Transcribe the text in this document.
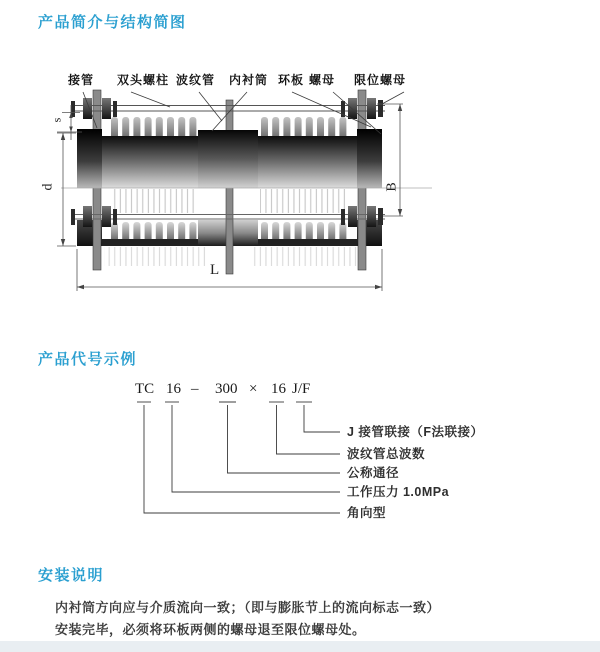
产品简介与结构简图
接管 双头螺柱 波纹管 内衬筒 环板 螺母 限位螺母
s
d	B
L
产品代号示例
TC 16 – 300 × 16 J/F
J 接管联接（F法联接）
波纹管总波数
公称通径
工作压力 1.0MPa
角向型
安装说明
内衬筒方向应与介质流向一致；（即与膨胀节上的流向标志一致）
安装完毕，必须将环板两侧的螺母退至限位螺母处。
